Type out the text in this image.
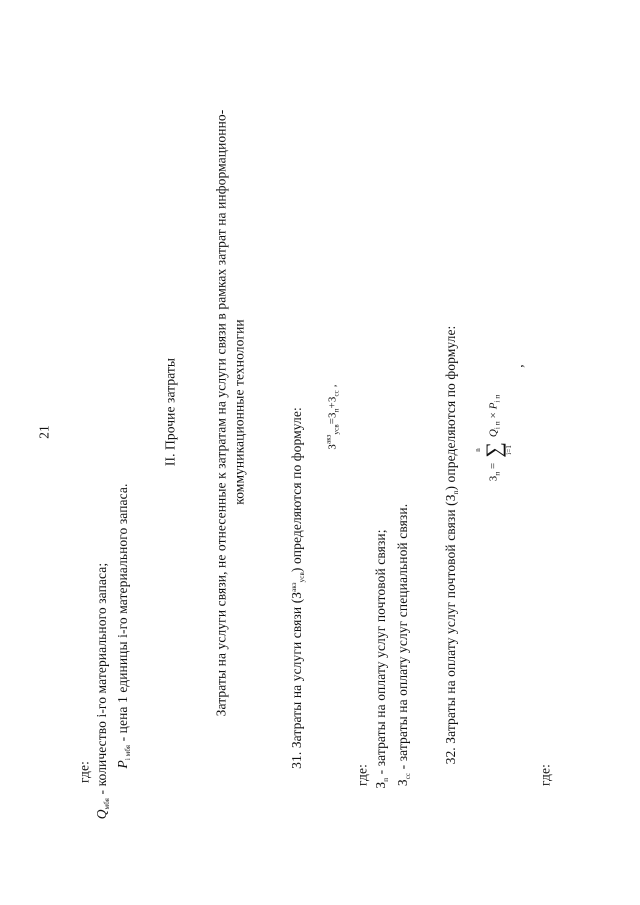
21
где:
$Q_{мбя}$ - количество i-го материального запаса; $P_{i мбя}$ - цена 1 единицы i-го материального запаса.
II. Прочие затраты	Затраты на услуги связи, не отнесенные к затратам на услуги связи в рамках затрат на информационно- коммуникационные технологии
31. Затраты на услуги связи $(З^{акз}_{усв})$ определяются по формуле: $З^{акз}_{усв}=З_п+З_{сс}$ ,
где: $З_п$ - затраты на оплату услуг почтовой связи;
$З_{сс}$ - затраты на оплату услуг специальной связи. 32. Затраты на оплату услуг почтовой связи $(З_п)$ определяются по формуле:	$З_п$ =
n ∑ i=1
$Q_{i п} \times P_{i п}$
,
где:
